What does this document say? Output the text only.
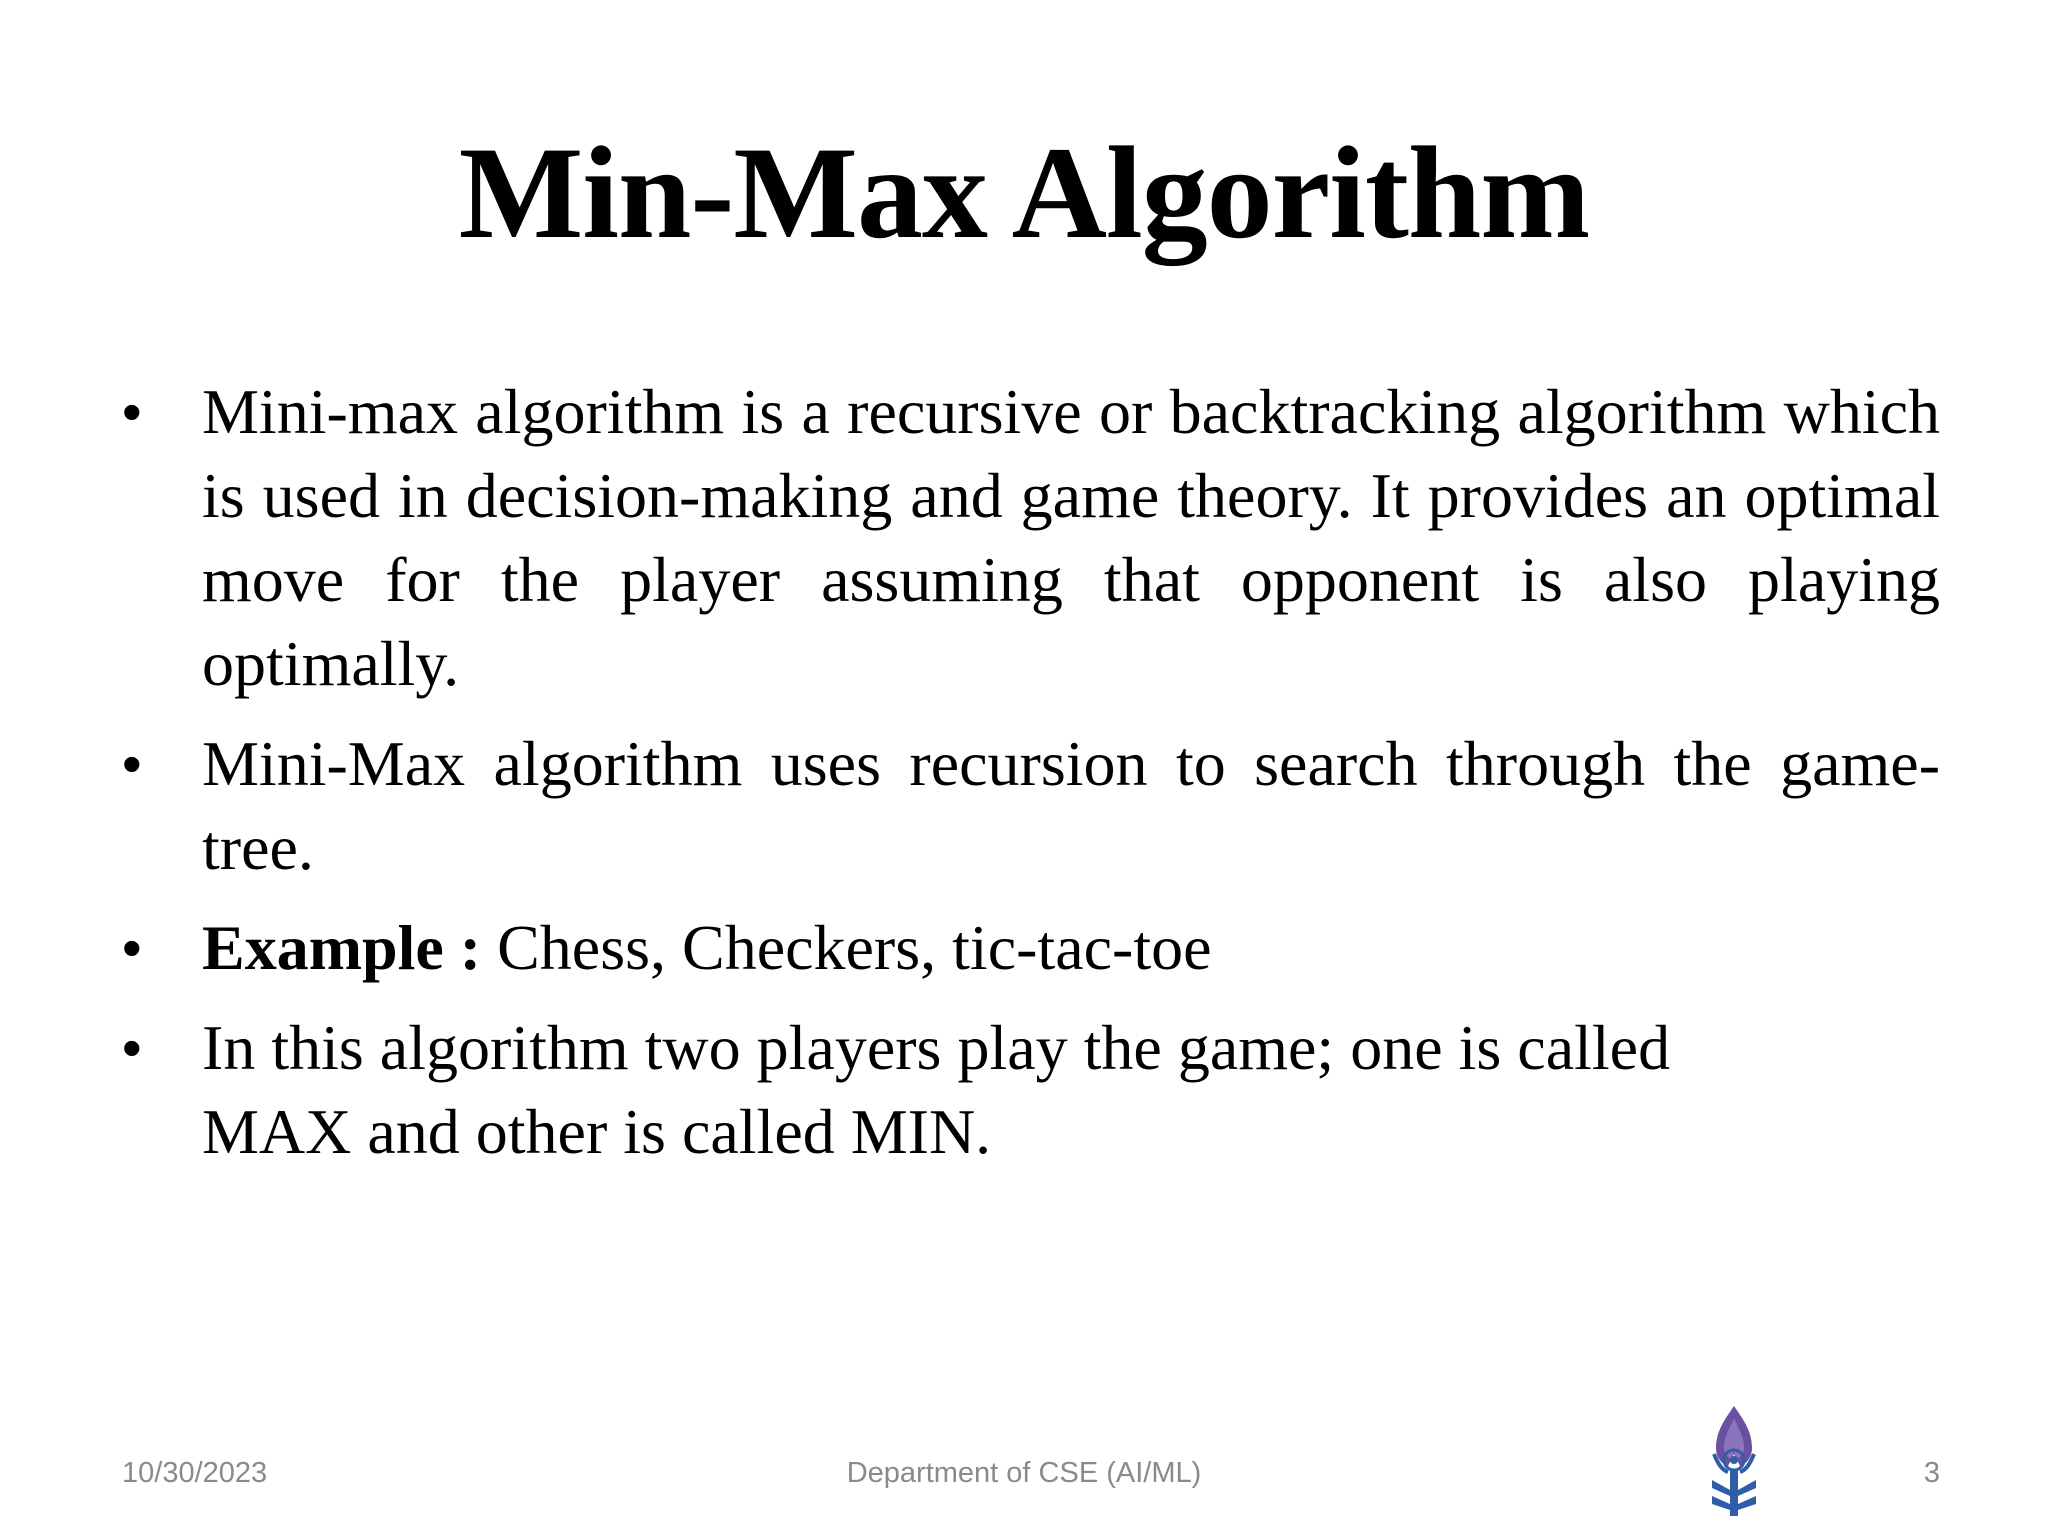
Min-Max Algorithm
• Mini-max algorithm is a recursive or backtracking algorithm which is used in decision-making and game theory. It provides an optimal move for the player assuming that opponent is also playing optimally.
• Mini-Max algorithm uses recursion to search through the game-tree.
• Example : Chess, Checkers, tic-tac-toe
• In this algorithm two players play the game; one is called
MAX and other is called MIN.
10/30/2023	Department of CSE (AI/ML)	3
